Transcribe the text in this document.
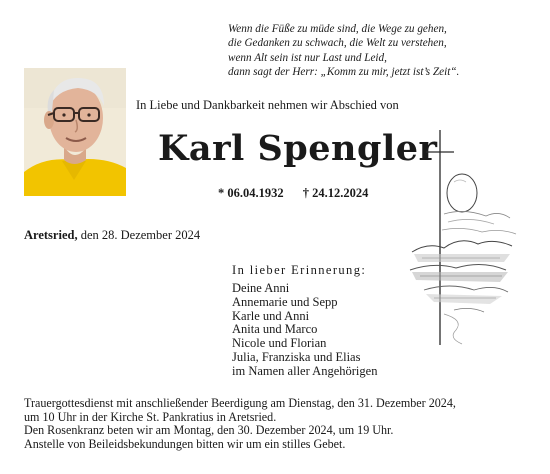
Wenn die Füße zu müde sind, die Wege zu gehen,
die Gedanken zu schwach, die Welt zu verstehen,
wenn Alt sein ist nur Last und Leid,
dann sagt der Herr: „Komm zu mir, jetzt ist’s Zeit“.
In Liebe und Dankbarkeit nehmen wir Abschied von
Karl Spengler
* 06.04.1932 † 24.12.2024
Aretsried, den 28. Dezember 2024
In lieber Erinnerung:
Deine Anni
Annemarie und Sepp
Karle und Anni
Anita und Marco
Nicole und Florian
Julia, Franziska und Elias
im Namen aller Angehörigen
Trauergottesdienst mit anschließender Beerdigung am Dienstag, den 31. Dezember 2024,
um 10 Uhr in der Kirche St. Pankratius in Aretsried.
Den Rosenkranz beten wir am Montag, den 30. Dezember 2024, um 19 Uhr.
Anstelle von Beileidsbekundungen bitten wir um ein stilles Gebet.
